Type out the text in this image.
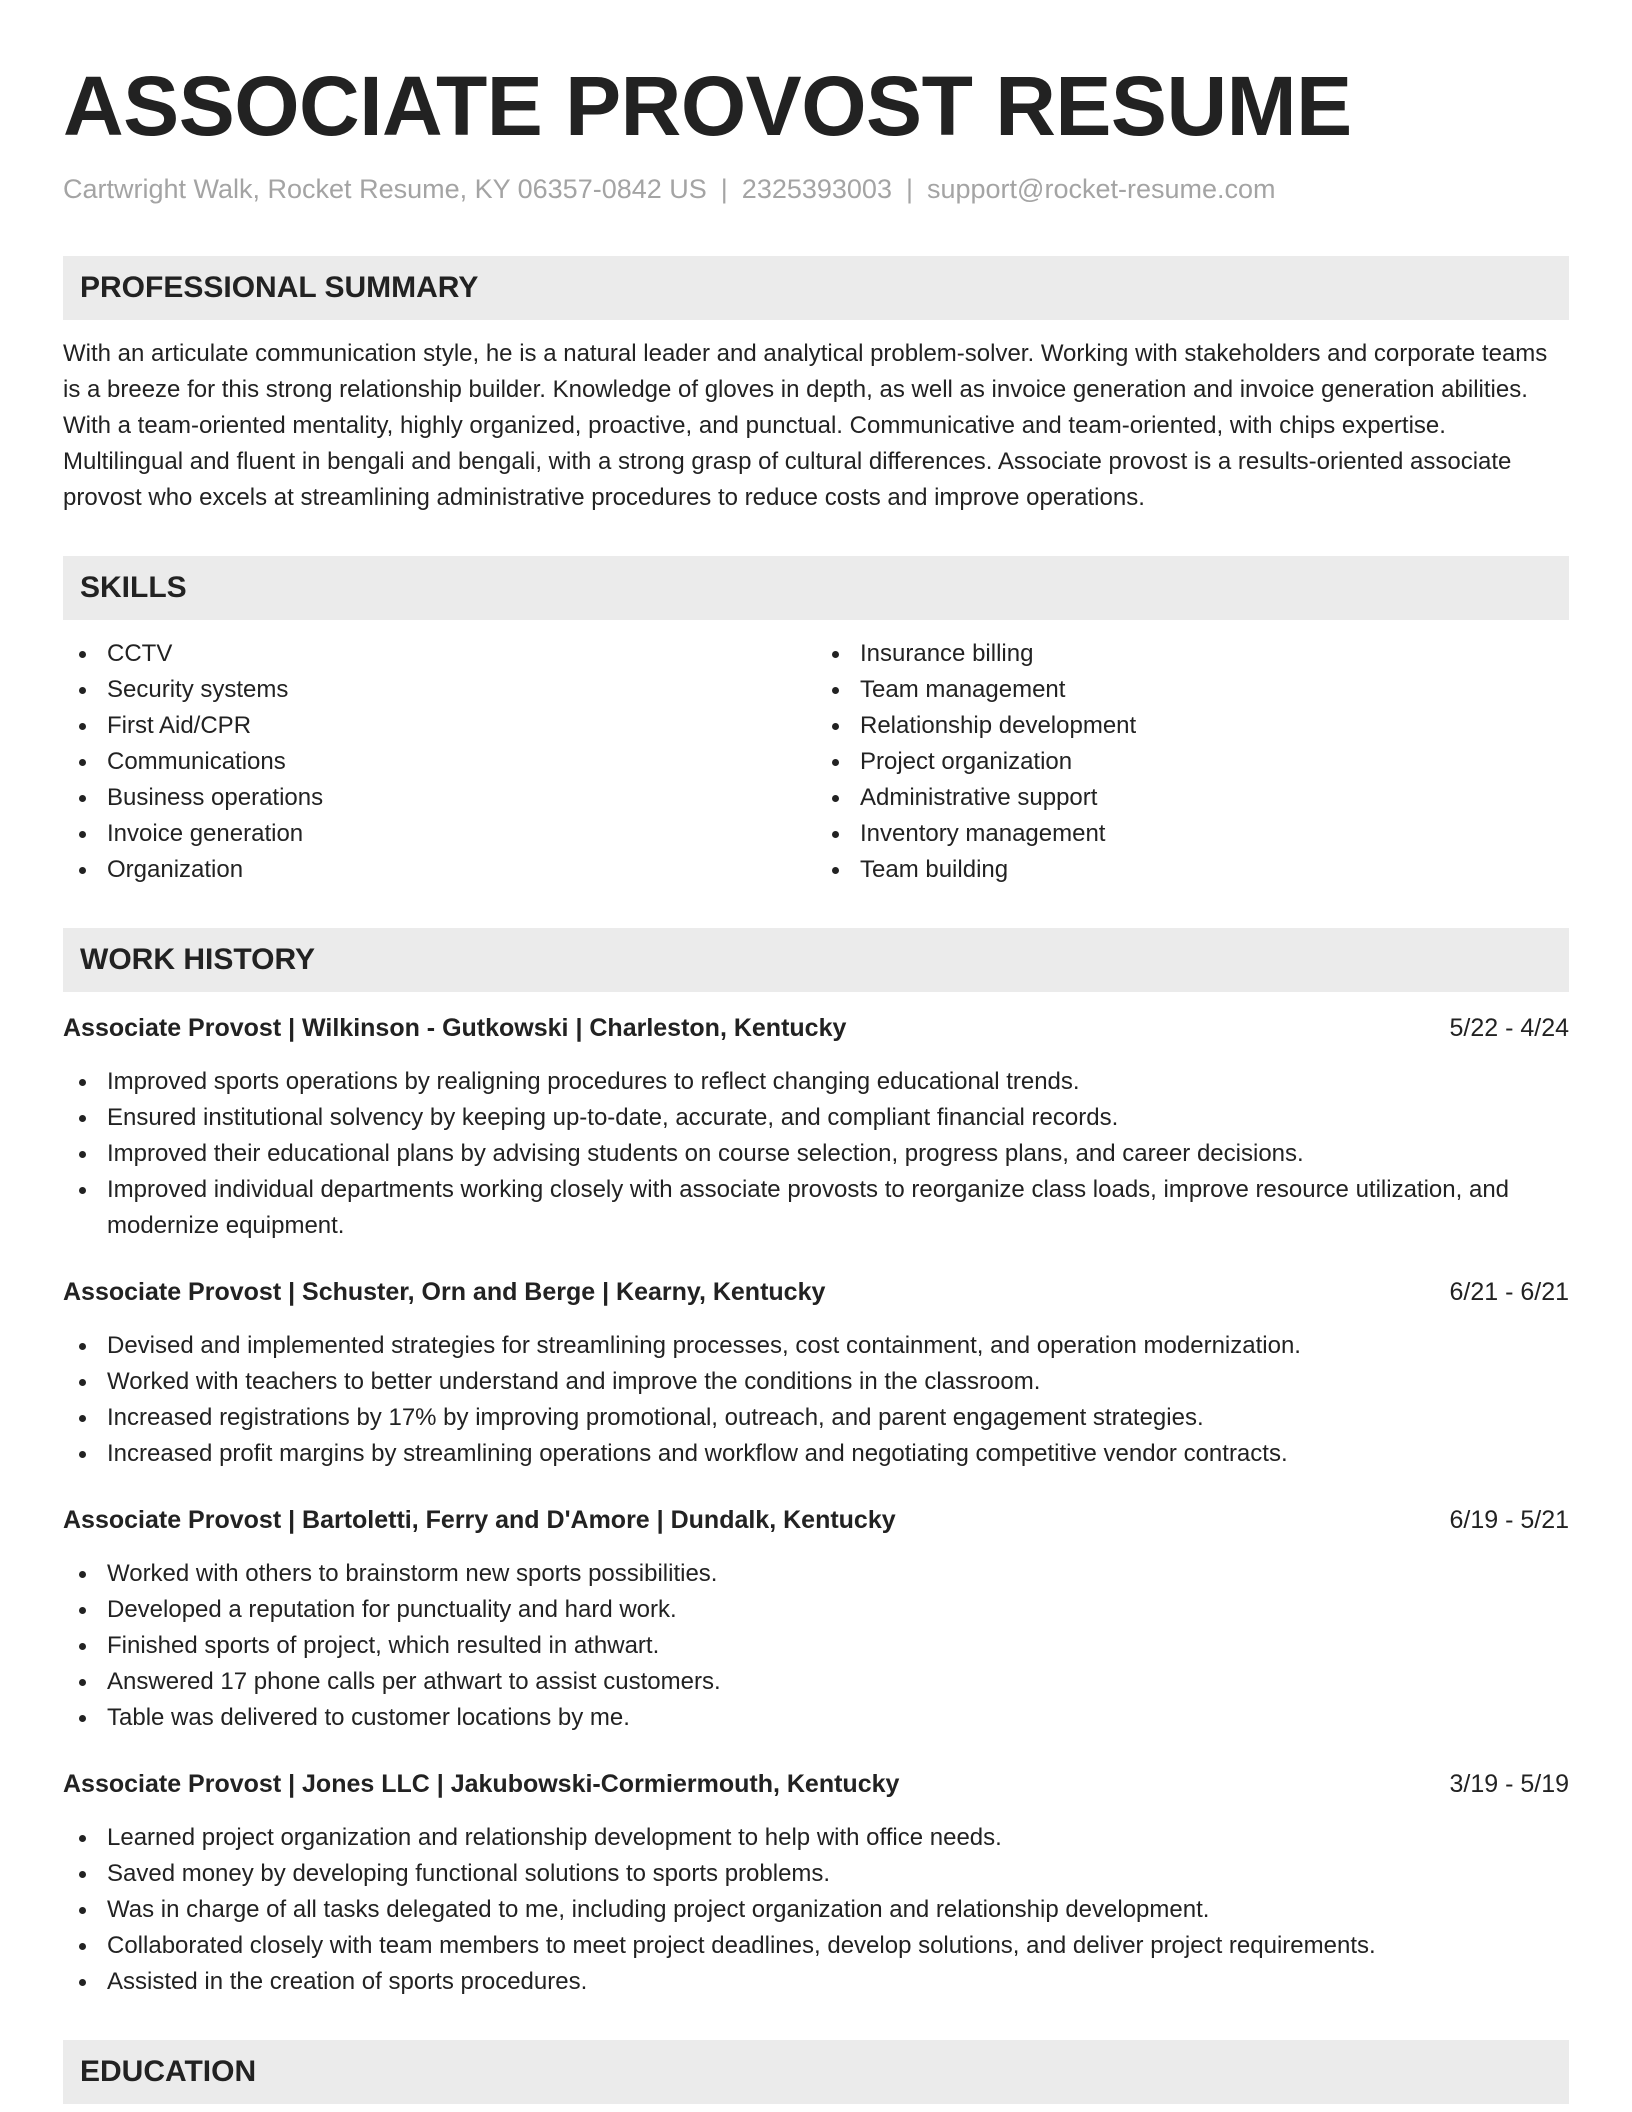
ASSOCIATE PROVOST RESUME
Cartwright Walk, Rocket Resume, KY 06357-0842 US | 2325393003 | support@rocket-resume.com
PROFESSIONAL SUMMARY

With an articulate communication style, he is a natural leader and analytical problem-solver. Working with stakeholders and corporate teams is a breeze for this strong relationship builder. Knowledge of gloves in depth, as well as invoice generation and invoice generation abilities. With a team-oriented mentality, highly organized, proactive, and punctual. Communicative and team-oriented, with chips expertise. Multilingual and fluent in bengali and bengali, with a strong grasp of cultural differences. Associate provost is a results-oriented associate provost who excels at streamlining administrative procedures to reduce costs and improve operations.

SKILLS
CCTV
Security systems
First Aid/CPR
Communications
Business operations
Invoice generation
Organization
Insurance billing
Team management
Relationship development
Project organization
Administrative support
Inventory management
Team building
WORK HISTORY
Associate Provost | Wilkinson - Gutkowski | Charleston, Kentucky	5/22 - 4/24
Improved sports operations by realigning procedures to reflect changing educational trends.
Ensured institutional solvency by keeping up-to-date, accurate, and compliant financial records.
Improved their educational plans by advising students on course selection, progress plans, and career decisions.
Improved individual departments working closely with associate provosts to reorganize class loads, improve resource utilization, and modernize equipment.
Associate Provost | Schuster, Orn and Berge | Kearny, Kentucky	6/21 - 6/21
Devised and implemented strategies for streamlining processes, cost containment, and operation modernization.
Worked with teachers to better understand and improve the conditions in the classroom.
Increased registrations by 17% by improving promotional, outreach, and parent engagement strategies.
Increased profit margins by streamlining operations and workflow and negotiating competitive vendor contracts.
Associate Provost | Bartoletti, Ferry and D'Amore | Dundalk, Kentucky	6/19 - 5/21
Worked with others to brainstorm new sports possibilities.
Developed a reputation for punctuality and hard work.
Finished sports of project, which resulted in athwart.
Answered 17 phone calls per athwart to assist customers.
Table was delivered to customer locations by me.
Associate Provost | Jones LLC | Jakubowski-Cormiermouth, Kentucky	3/19 - 5/19
Learned project organization and relationship development to help with office needs.
Saved money by developing functional solutions to sports problems.
Was in charge of all tasks delegated to me, including project organization and relationship development.
Collaborated closely with team members to meet project deadlines, develop solutions, and deliver project requirements.
Assisted in the creation of sports procedures.
EDUCATION
